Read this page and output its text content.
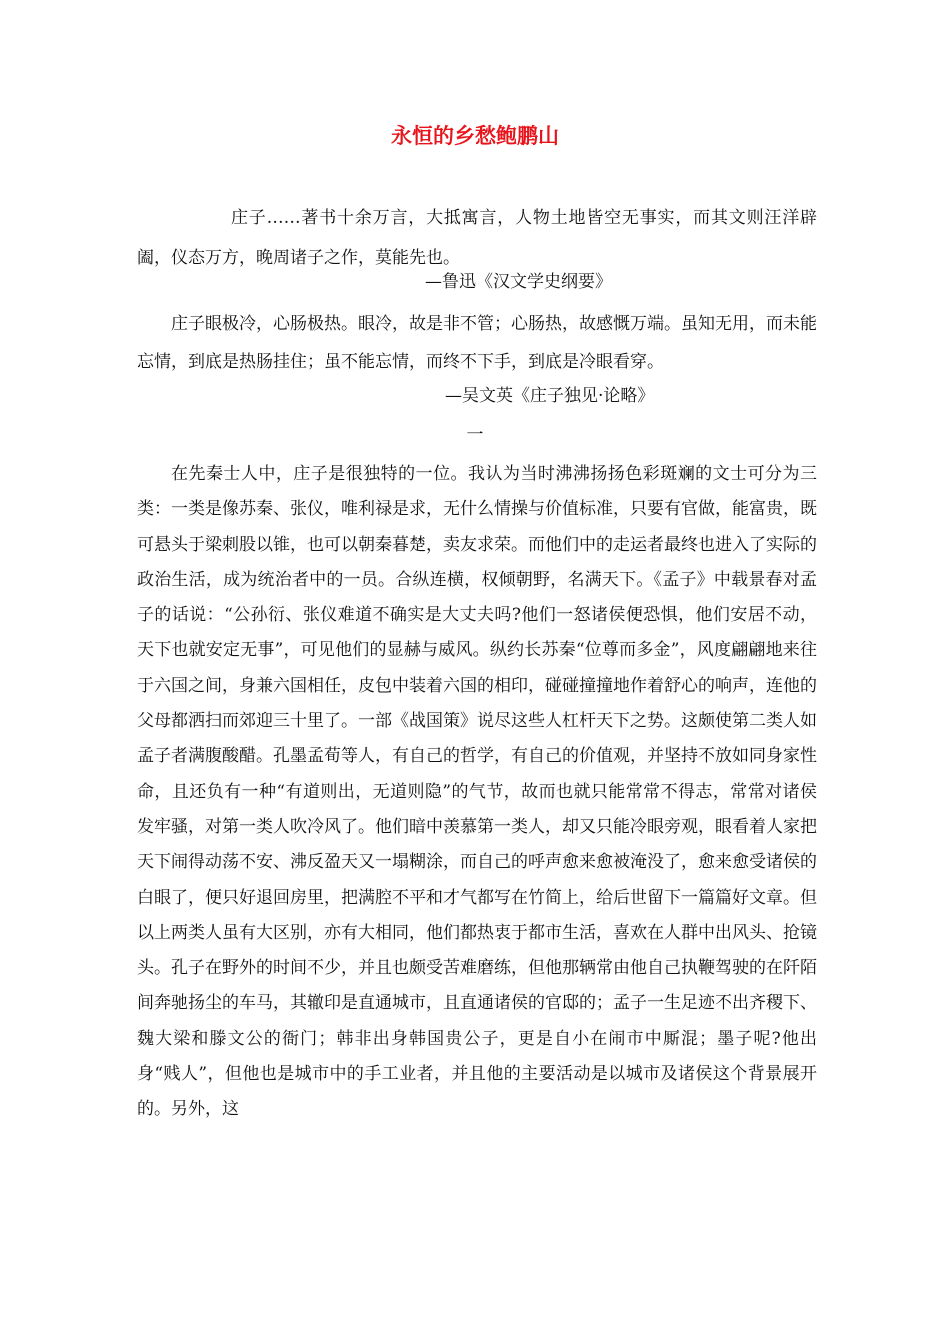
永恒的乡愁鲍鹏山

庄子……著书十余万言，大抵寓言，人物土地皆空无事实，而其文则汪洋辟阖，仪态万方，晚周诸子之作，莫能先也。

—鲁迅《汉文学史纲要》

庄子眼极冷，心肠极热。眼冷，故是非不管；心肠热，故感慨万端。虽知无用，而未能忘情，到底是热肠挂住；虽不能忘情，而终不下手，到底是冷眼看穿。

—吴文英《庄子独见·论略》

一

在先秦士人中，庄子是很独特的一位。我认为当时沸沸扬扬色彩斑斓的文士可分为三类：一类是像苏秦、张仪，唯利禄是求，无什么情操与价值标准，只要有官做，能富贵，既可悬头于梁刺股以锥，也可以朝秦暮楚，卖友求荣。而他们中的走运者最终也进入了实际的政治生活，成为统治者中的一员。合纵连横，权倾朝野，名满天下。《孟子》中载景春对孟子的话说：“公孙衍、张仪难道不确实是大丈夫吗?他们一怒诸侯便恐惧，他们安居不动，天下也就安定无事”，可见他们的显赫与威风。纵约长苏秦“位尊而多金”，风度翩翩地来往于六国之间，身兼六国相任，皮包中装着六国的相印，碰碰撞撞地作着舒心的响声，连他的父母都洒扫而郊迎三十里了。一部《战国策》说尽这些人杠杆天下之势。这颇使第二类人如孟子者满腹酸醋。孔墨孟荀等人，有自己的哲学，有自己的价值观，并坚持不放如同身家性命，且还负有一种“有道则出，无道则隐”的气节，故而也就只能常常不得志，常常对诸侯发牢骚，对第一类人吹冷风了。他们暗中羡慕第一类人，却又只能冷眼旁观，眼看着人家把天下闹得动荡不安、沸反盈天又一塌糊涂，而自己的呼声愈来愈被淹没了，愈来愈受诸侯的白眼了，便只好退回房里，把满腔不平和才气都写在竹简上，给后世留下一篇篇好文章。但以上两类人虽有大区别，亦有大相同，他们都热衷于都市生活，喜欢在人群中出风头、抢镜头。孔子在野外的时间不少，并且也颇受苦难磨练，但他那辆常由他自己执鞭驾驶的在阡陌间奔驰扬尘的车马，其辙印是直通城市，且直通诸侯的官邸的；孟子一生足迹不出齐稷下、魏大梁和滕文公的衙门；韩非出身韩国贵公子，更是自小在闹市中厮混；墨子呢?他出身“贱人”，但他也是城市中的手工业者，并且他的主要活动是以城市及诸侯这个背景展开的。另外，这
